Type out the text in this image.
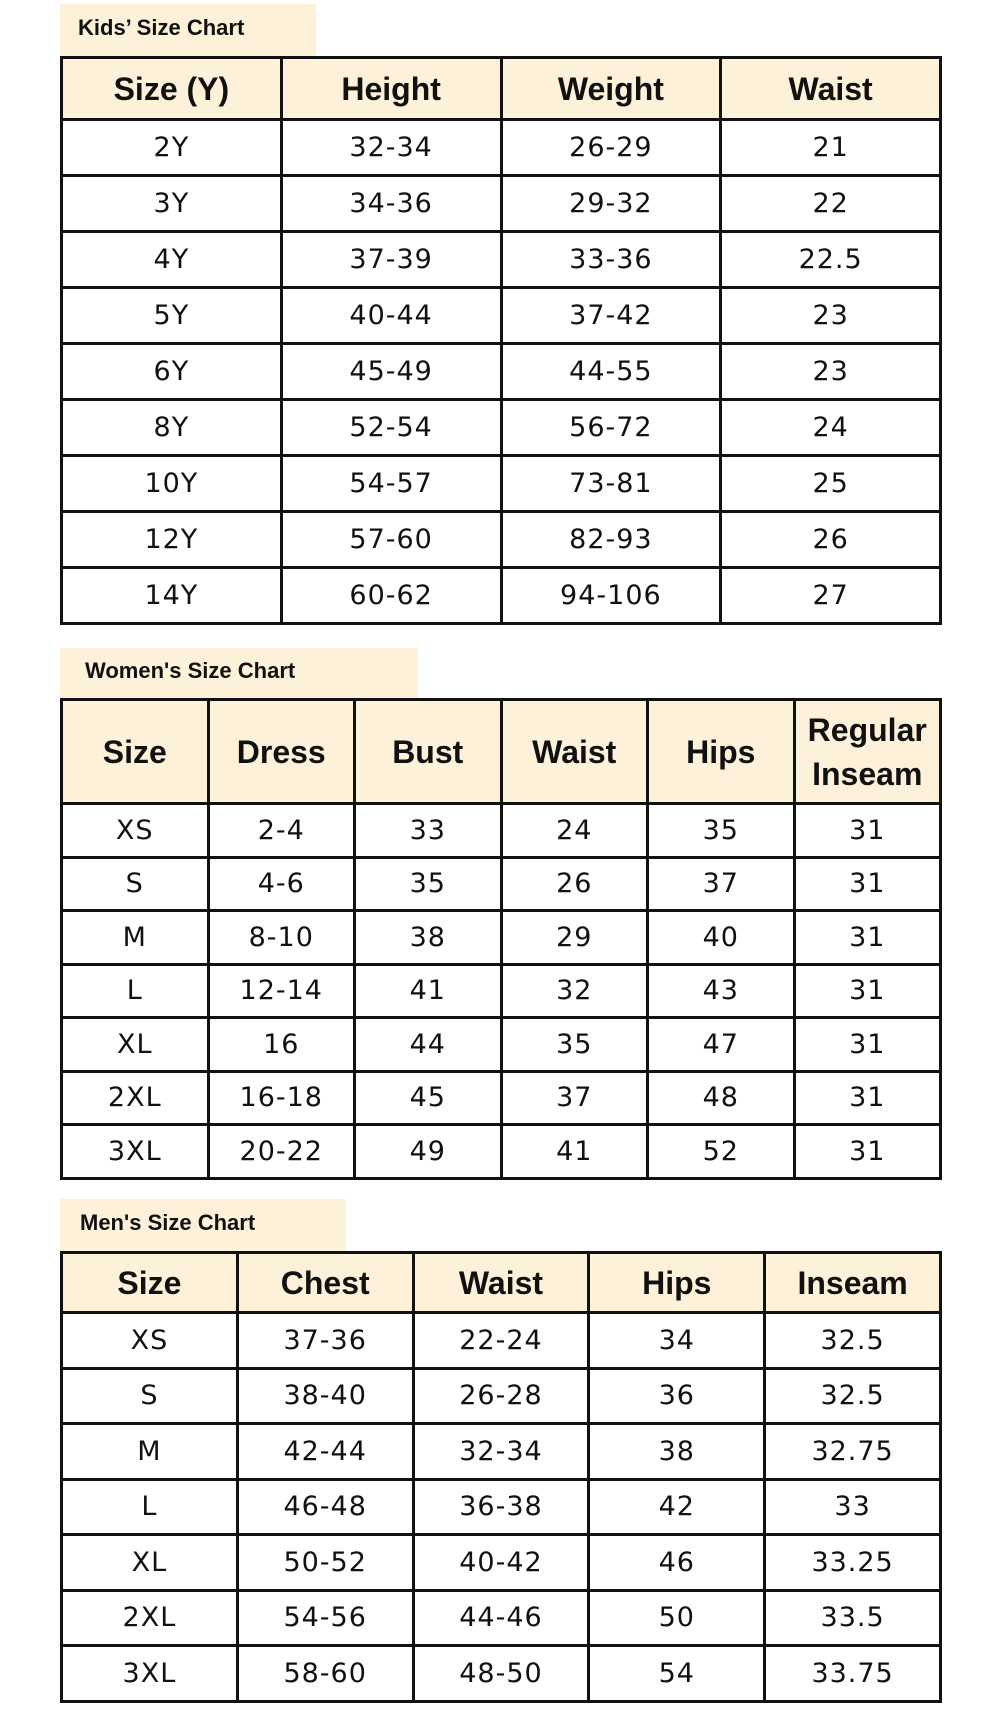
Kids’ Size Chart
Size (Y)	Height	Weight	Waist
2Y	32-34	26-29	21
3Y	34-36	29-32	22
4Y	37-39	33-36	22.5
5Y	40-44	37-42	23
6Y	45-49	44-55	23
8Y	52-54	56-72	24
10Y	54-57	73-81	25
12Y	57-60	82-93	26
14Y	60-62	94-106	27
Women's Size Chart
Size	Dress	Bust	Waist	Hips	Regular Inseam
XS	2-4	33	24	35	31
S	4-6	35	26	37	31
M	8-10	38	29	40	31
L	12-14	41	32	43	31
XL	16	44	35	47	31
2XL	16-18	45	37	48	31
3XL	20-22	49	41	52	31
Men's Size Chart
Size	Chest	Waist	Hips	Inseam
XS	37-36	22-24	34	32.5
S	38-40	26-28	36	32.5
M	42-44	32-34	38	32.75
L	46-48	36-38	42	33
XL	50-52	40-42	46	33.25
2XL	54-56	44-46	50	33.5
3XL	58-60	48-50	54	33.75
